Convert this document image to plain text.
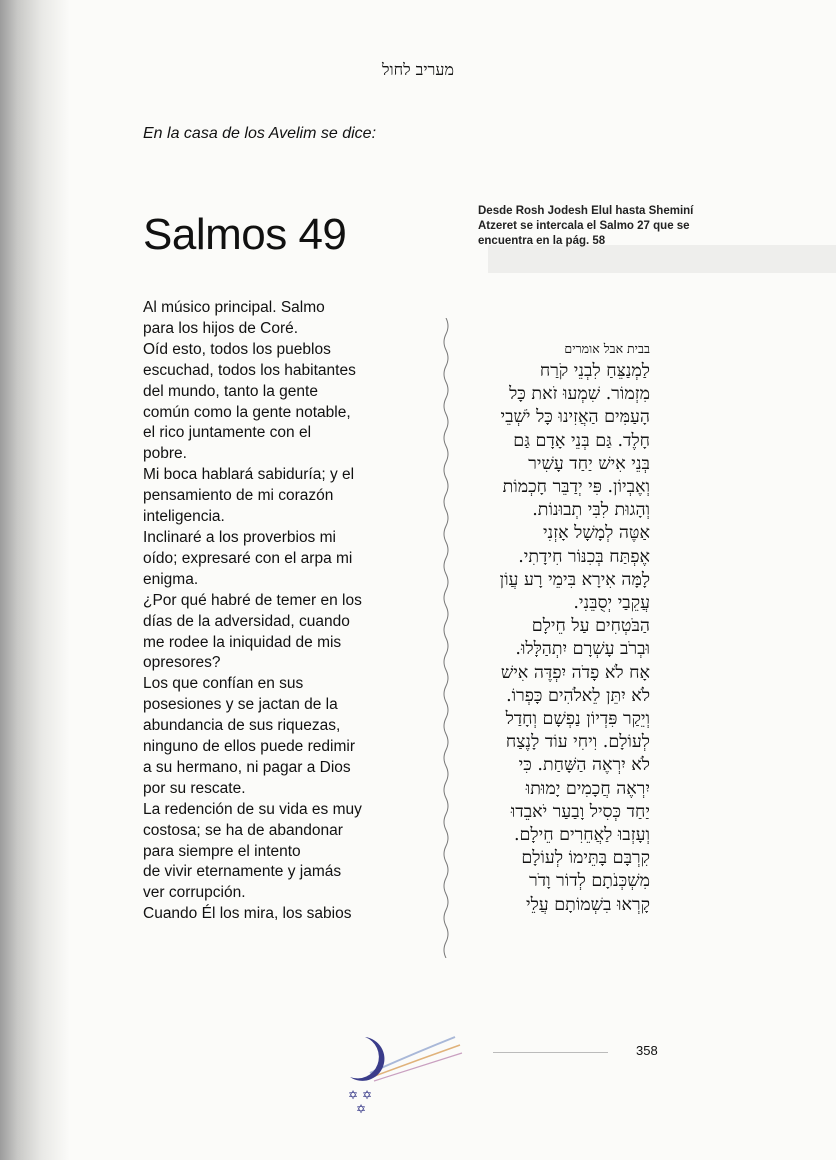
מעריב לחול
En la casa de los Avelim se dice:
Salmos 49	Desde Rosh Jodesh Elul hasta Sheminí Atzeret se intercala el Salmo 27 que se encuentra en la pág. 58
Al músico principal. Salmo
para los hijos de Coré.
Oíd esto, todos los pueblos
escuchad, todos los habitantes
del mundo, tanto la gente
común como la gente notable,
el rico juntamente con el
pobre.
Mi boca hablará sabiduría; y el
pensamiento de mi corazón
inteligencia.
Inclinaré a los proverbios mi
oído; expresaré con el arpa mi
enigma.
¿Por qué habré de temer en los
días de la adversidad, cuando
me rodee la iniquidad de mis
opresores?
Los que confían en sus
posesiones y se jactan de la
abundancia de sus riquezas,
ninguno de ellos puede redimir
a su hermano, ni pagar a Dios
por su rescate.
La redención de su vida es muy
costosa; se ha de abandonar
para siempre el intento
de vivir eternamente y jamás
ver corrupción.
Cuando Él los mira, los sabios
בבית אבל אומרים
לַמְנַצֵּחַ לִבְנֵי קֹרַח
מִזְמוֹר. שִׁמְעוּ זֹאת כָּל
הָעַמִּים הַאֲזִינוּ כָּל יֹשְׁבֵי
חָלֶד. גַּם בְּנֵי אָדָם גַּם
בְּנֵי אִישׁ יַחַד עָשִׁיר
וְאֶבְיוֹן. פִּי יְדַבֵּר חָכְמוֹת
וְהָגוּת לִבִּי תְבוּנוֹת.
אַטֶּה לְמָשָׁל אָזְנִי
אֶפְתַּח בְּכִנּוֹר חִידָתִי.
לָמָּה אִירָא בִּימֵי רָע עֲוֹן
עֲקֵבַי יְסֻבֵּנִי.
הַבֹּטְחִים עַל חֵילָם
וּבְרֹב עָשְׁרָם יִתְהַלָּלוּ.
אָח לֹא פָדֹה יִפְדֶּה אִישׁ
לֹא יִתֵּן לֵאלֹהִים כָּפְרוֹ.
וְיֵקַר פִּדְיוֹן נַפְשָׁם וְחָדַל
לְעוֹלָם. וִיחִי עוֹד לָנֶצַח
לֹא יִרְאֶה הַשָּׁחַת. כִּי
יִרְאֶה חֲכָמִים יָמוּתוּ
יַחַד כְּסִיל וָבַעַר יֹאבֵדוּ
וְעָזְבוּ לַאֲחֵרִים חֵילָם.
קִרְבָּם בָּתֵּימוֹ לְעוֹלָם
מִשְׁכְּנֹתָם לְדוֹר וָדֹר
קָרְאוּ בִשְׁמוֹתָם עֲלֵי
✡ ✡
✡
358
